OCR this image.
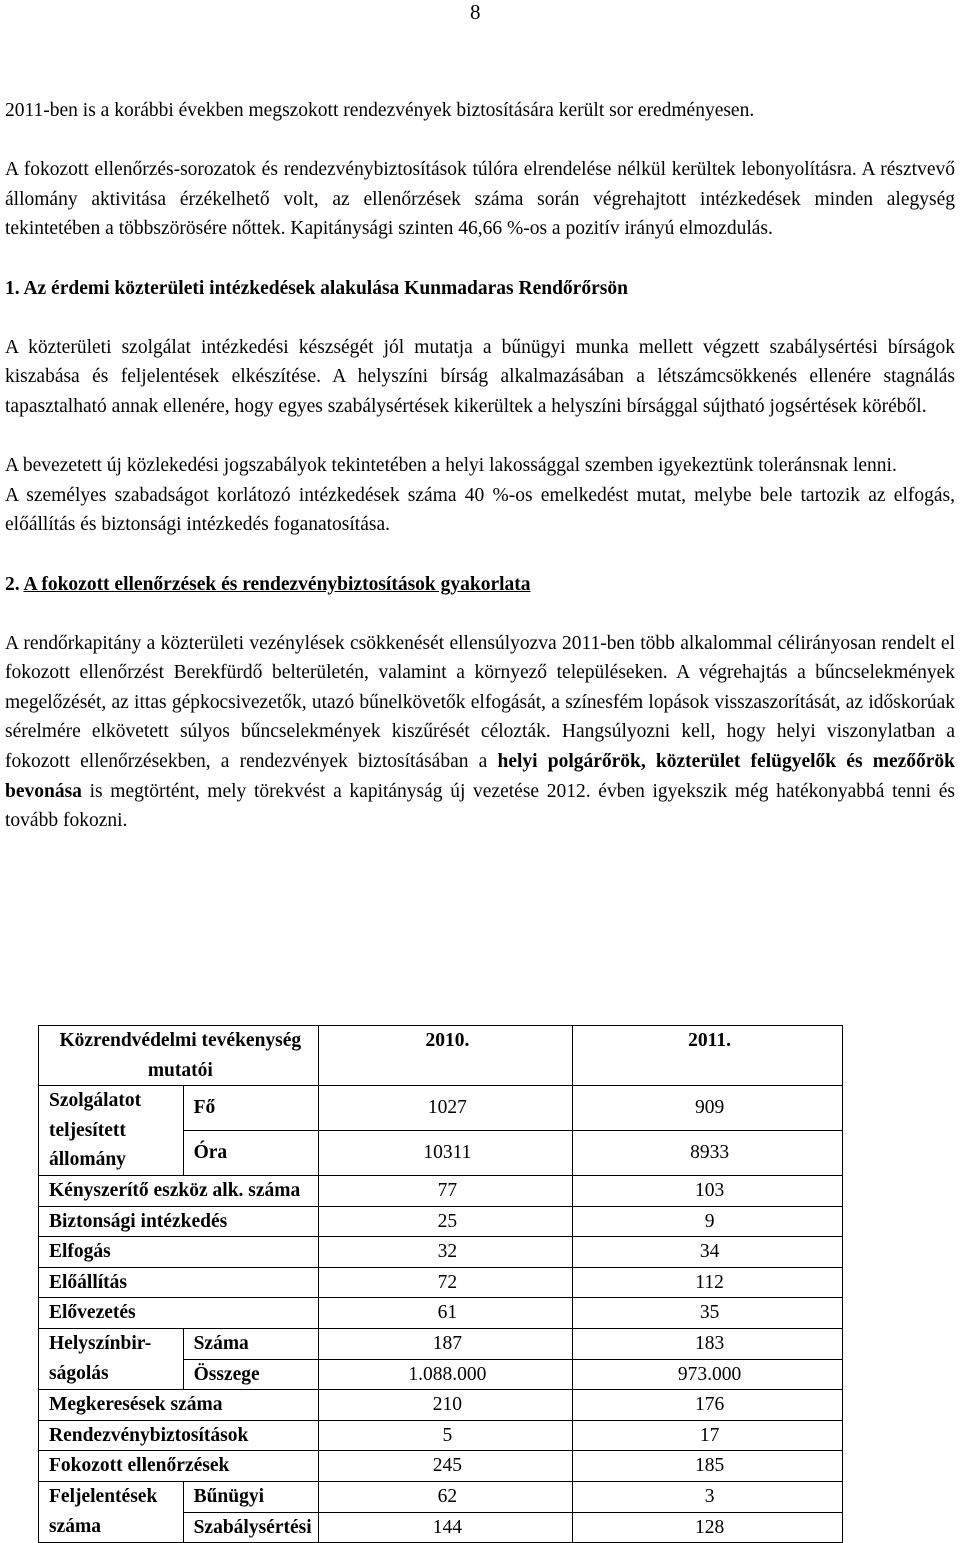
8

2011-ben is a korábbi években megszokott rendezvények biztosítására került sor eredményesen.

A fokozott ellenőrzés-sorozatok és rendezvénybiztosítások túlóra elrendelése nélkül kerültek lebonyolításra. A résztvevő állomány aktivitása érzékelhető volt, az ellenőrzések száma során végrehajtott intézkedések minden alegység tekintetében a többszörösére nőttek. Kapitánysági szinten 46,66 %-os a pozitív irányú elmozdulás.

1. Az érdemi közterületi intézkedések alakulása Kunmadaras Rendőrőrsön

A közterületi szolgálat intézkedési készségét jól mutatja a bűnügyi munka mellett végzett szabálysértési bírságok kiszabása és feljelentések elkészítése. A helyszíni bírság alkalmazásában a létszámcsökkenés ellenére stagnálás tapasztalható annak ellenére, hogy egyes szabálysértések kikerültek a helyszíni bírsággal sújtható jogsértések köréből.

A bevezetett új közlekedési jogszabályok tekintetében a helyi lakossággal szemben igyekeztünk toleránsnak lenni.

A személyes szabadságot korlátozó intézkedések száma 40 %-os emelkedést mutat, melybe bele tartozik az elfogás, előállítás és biztonsági intézkedés foganatosítása.

2. A fokozott ellenőrzések és rendezvénybiztosítások gyakorlata

A rendőrkapitány a közterületi vezénylések csökkenését ellensúlyozva 2011-ben több alkalommal célirányosan rendelt el fokozott ellenőrzést Berekfürdő belterületén, valamint a környező településeken. A végrehajtás a bűncselekmények megelőzését, az ittas gépkocsivezetők, utazó bűnelkövetők elfogását, a színesfém lopások visszaszorítását, az időskorúak sérelmére elkövetett súlyos bűncselekmények kiszűrését célozták. Hangsúlyozni kell, hogy helyi viszonylatban a fokozott ellenőrzésekben, a rendezvények biztosításában a helyi polgárőrök, közterület felügyelők és mezőőrök bevonása is megtörtént, mely törekvést a kapitányság új vezetése 2012. évben igyekszik még hatékonyabbá tenni és tovább fokozni.

Közrendvédelmi tevékenység mutatói		2010.	2011.
Szolgálatot teljesített állomány	Fő	1027	909
	Óra	10311	8933
Kényszerítő eszköz alk. száma		77	103
Biztonsági intézkedés		25	9
Elfogás		32	34
Előállítás		72	112
Elővezetés		61	35
Helyszínbir-ságolás	Száma	187	183
	Összege	1.088.000	973.000
Megkeresések száma		210	176
Rendezvénybiztosítások		5	17
Fokozott ellenőrzések		245	185
Feljelentések száma	Bűnügyi	62	3
	Szabálysértési	144	128
